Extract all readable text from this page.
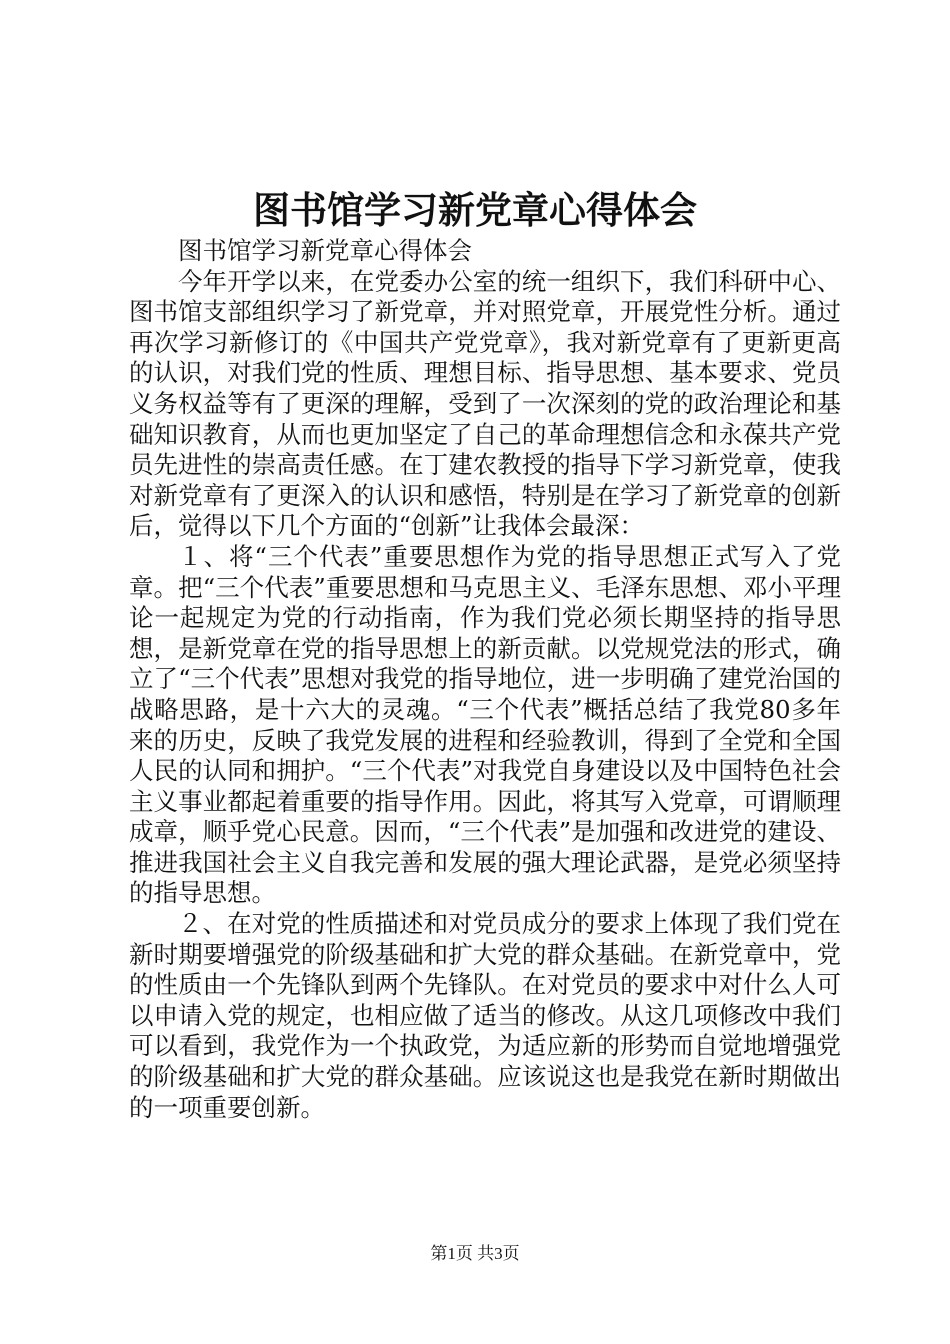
图书馆学习新党章心得体会

图书馆学习新党章心得体会

今年开学以来，在党委办公室的统一组织下，我们科研中心、图书馆支部组织学习了新党章，并对照党章，开展党性分析。通过再次学习新修订的《中国共产党党章》，我对新党章有了更新更高的认识，对我们党的性质、理想目标、指导思想、基本要求、党员义务权益等有了更深的理解，受到了一次深刻的党的政治理论和基础知识教育，从而也更加坚定了自己的革命理想信念和永葆共产党员先进性的崇高责任感。在丁建农教授的指导下学习新党章，使我对新党章有了更深入的认识和感悟，特别是在学习了新党章的创新后，觉得以下几个方面的“创新”让我体会最深：

１、将“三个代表”重要思想作为党的指导思想正式写入了党章。把“三个代表”重要思想和马克思主义、毛泽东思想、邓小平理论一起规定为党的行动指南，作为我们党必须长期坚持的指导思想，是新党章在党的指导思想上的新贡献。以党规党法的形式，确立了“三个代表”思想对我党的指导地位，进一步明确了建党治国的战略思路，是十六大的灵魂。“三个代表”概括总结了我党80多年来的历史，反映了我党发展的进程和经验教训，得到了全党和全国人民的认同和拥护。“三个代表”对我党自身建设以及中国特色社会主义事业都起着重要的指导作用。因此，将其写入党章，可谓顺理成章，顺乎党心民意。因而，“三个代表”是加强和改进党的建设、推进我国社会主义自我完善和发展的强大理论武器，是党必须坚持的指导思想。

２、在对党的性质描述和对党员成分的要求上体现了我们党在新时期要增强党的阶级基础和扩大党的群众基础。在新党章中，党的性质由一个先锋队到两个先锋队。在对党员的要求中对什么人可以申请入党的规定，也相应做了适当的修改。从这几项修改中我们可以看到，我党作为一个执政党，为适应新的形势而自觉地增强党的阶级基础和扩大党的群众基础。应该说这也是我党在新时期做出的一项重要创新。

第1页 共3页
